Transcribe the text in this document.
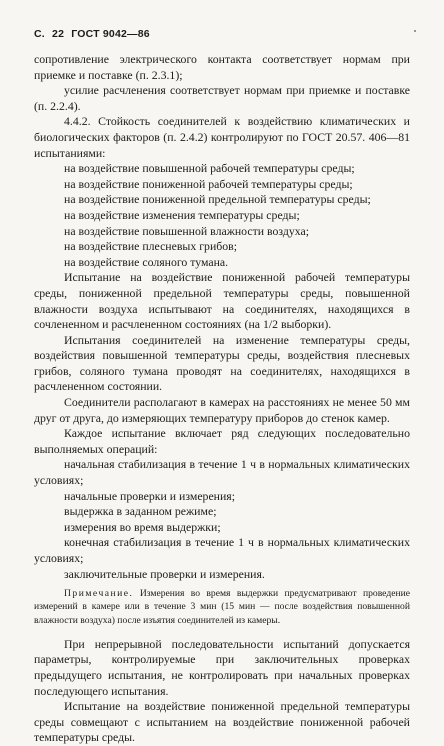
С. 22 ГОСТ 9042—86

сопротивление электрического контакта соответствует нормам при приемке и поставке (п. 2.3.1);

усилие расчленения соответствует нормам при приемке и поставке (п. 2.2.4).

4.4.2. Стойкость соединителей к воздействию климатических и биологических факторов (п. 2.4.2) контролируют по ГОСТ 20.57. 406—81 испытаниями:

на воздействие повышенной рабочей температуры среды;

на воздействие пониженной рабочей температуры среды;

на воздействие пониженной предельной температуры среды;

на воздействие изменения температуры среды;

на воздействие повышенной влажности воздуха;

на воздействие плесневых грибов;

на воздействие соляного тумана.

Испытание на воздействие пониженной рабочей температуры среды, пониженной предельной температуры среды, повышенной влажности воздуха испытывают на соединителях, находящихся в сочлененном и расчлененном состояниях (на 1/2 выборки).

Испытания соединителей на изменение температуры среды, воздействия повышенной температуры среды, воздействия плесневых грибов, соляного тумана проводят на соединителях, находящихся в расчлененном состоянии.

Соединители располагают в камерах на расстояниях не менее 50 мм друг от друга, до измеряющих температуру приборов до стенок камер.

Каждое испытание включает ряд следующих последовательно выполняемых операций:

начальная стабилизация в течение 1 ч в нормальных климатических условиях;

начальные проверки и измерения;

выдержка в заданном режиме;

измерения во время выдержки;

конечная стабилизация в течение 1 ч в нормальных климатических условиях;

заключительные проверки и измерения.

Примечание. Измерения во время выдержки предусматривают проведение измерений в камере или в течение 3 мин (15 мин — после воздействия повышенной влажности воздуха) после изъятия соединителей из камеры.

При непрерывной последовательности испытаний допускается параметры, контролируемые при заключительных проверках предыдущего испытания, не контролировать при начальных проверках последующего испытания.

Испытание на воздействие пониженной предельной температуры среды совмещают с испытанием на воздействие пониженной рабочей температуры среды.
